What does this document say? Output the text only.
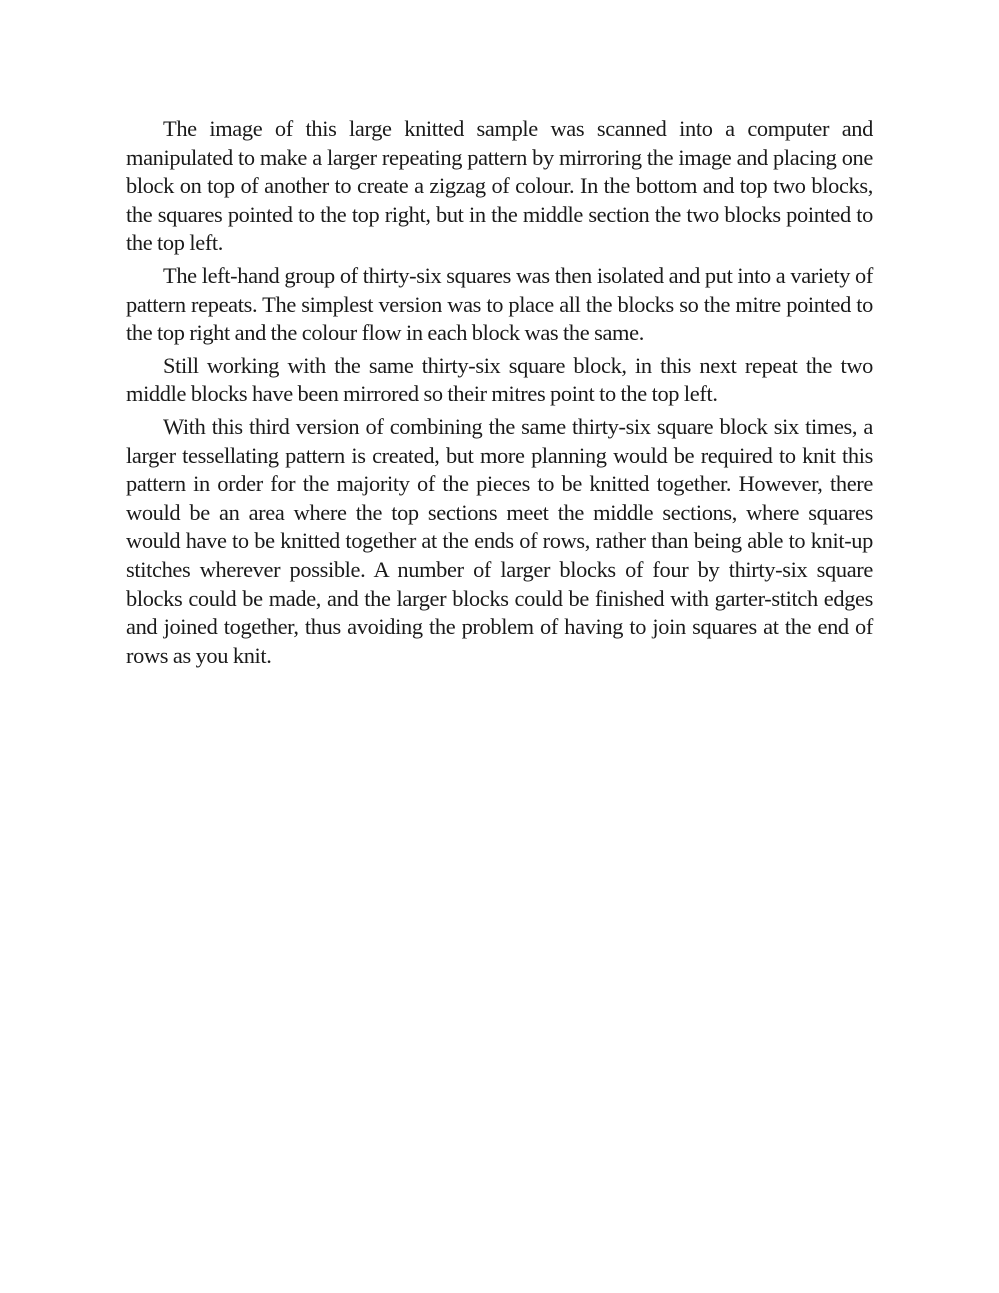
The image of this large knitted sample was scanned into a computer and manipulated to make a larger repeating pattern by mirroring the image and placing one block on top of another to create a zigzag of colour. In the bottom and top two blocks, the squares pointed to the top right, but in the middle section the two blocks pointed to the top left.

The left-hand group of thirty-six squares was then isolated and put into a variety of pattern repeats. The simplest version was to place all the blocks so the mitre pointed to the top right and the colour flow in each block was the same.

Still working with the same thirty-six square block, in this next repeat the two middle blocks have been mirrored so their mitres point to the top left.

With this third version of combining the same thirty-six square block six times, a larger tessellating pattern is created, but more planning would be required to knit this pattern in order for the majority of the pieces to be knitted together. However, there would be an area where the top sections meet the middle sections, where squares would have to be knitted together at the ends of rows, rather than being able to knit-up stitches wherever possible. A number of larger blocks of four by thirty-six square blocks could be made, and the larger blocks could be finished with garter-stitch edges and joined together, thus avoiding the problem of having to join squares at the end of rows as you knit.
